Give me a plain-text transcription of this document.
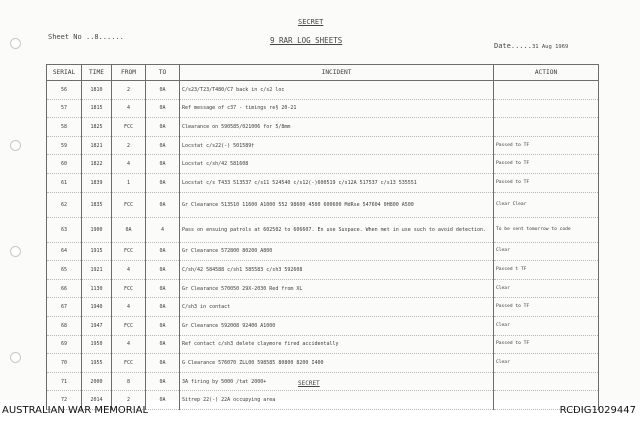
SECRET
9 RAR LOG SHEETS
Sheet No ..8......
Date.....31 Aug 1969
SERIAL	TIME	FROM	TO	INCIDENT	ACTION
56	1810	2	0A	C/s23/T23/T480/C7 back in c/s2 loc	
57	1815	4	0A	Ref message of c37 - timings re§ 20-21	
58	1825	FCC	0A	Clearance on 590585/021006 for 5/8mm	
59	1821	2	0A	Locstat c/s22(-) 501589†	Passed to TF
60	1822	4	0A	Locstat c/sh/42 581608	Passed to TF
61	1839	1	0A	Locstat c/s T433 513537 c/s11 524540 c/s12(-)600519 c/s12A 517537 c/s13 535551	Passed to TF
62	1835	FCC	0A	Gr Clearance 513510 11600 A1000 552 98600 4500 600600 MdRse 547604 0H800 A500	Clear Clear
63	1900	0A	4	Pass on ensuing patrols at 602502 to 606607. En use Suspace. When met in use such to avoid detection.	To be sent tomorrow to code
64	1915	FCC	0A	Gr Clearance 572800 80200 A800	Clear
65	1921	4	0A	C/sh/42 584588 c/sh1 585583 c/sh3 592608	Passed t TF
66	1130	FCC	0A	Gr Clearance 570050 29X-2030 Red from XL	Clear
67	1940	4	0A	C/sh3 in contact	Passed to TF
68	1947	FCC	0A	Gr Clearance 592008 92400 A1000	Clear
69	1950	4	0A	Ref contact c/sh3 delete claymore fired accidentally	Passed to TF
70	1955	FCC	0A	G Clearance 576070 ZLL00 598585 80800 8200 I400	Clear
71	2000	8	0A	3A firing by 5000 /tat 2000+	
72	2014	2	0A	Sitrep 22(-) 22A occupying area	
SECRET
AUSTRALIAN WAR MEMORIAL	RCDIG1029447
